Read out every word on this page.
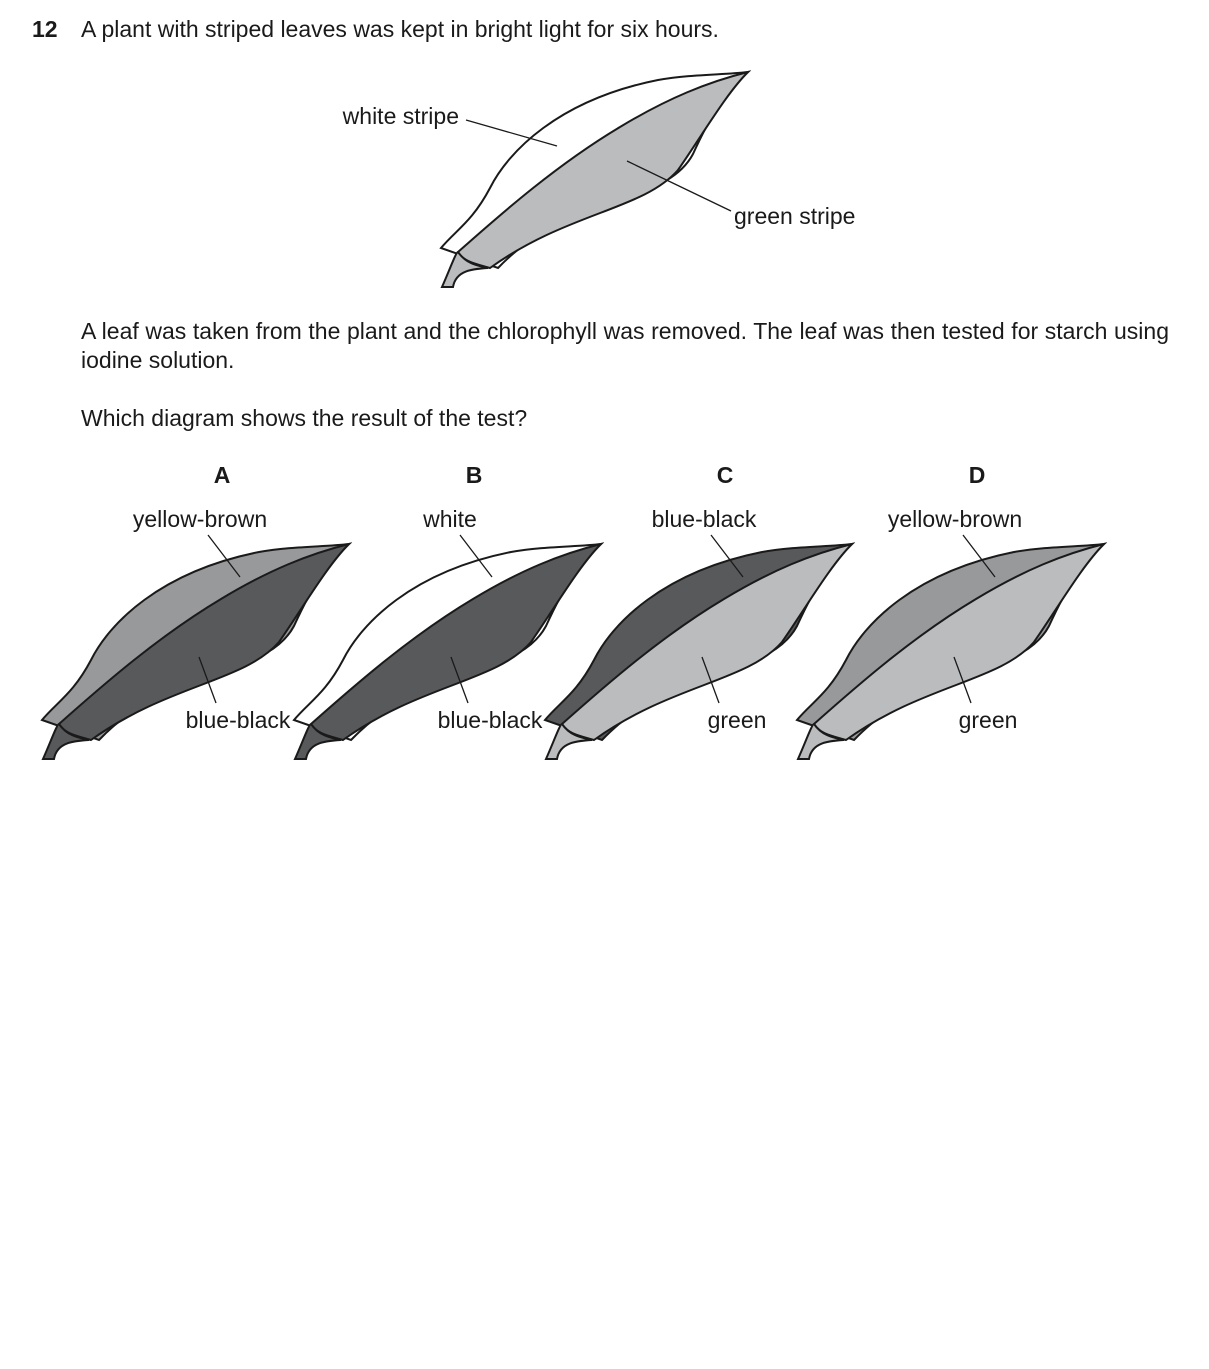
12 A plant with striped leaves was kept in bright light for six hours.
white stripe
green stripe
A
yellow-brown
blue-black
B
white
blue-black
C
blue-black
green
D
yellow-brown
green
A leaf was taken from the plant and the chlorophyll was removed. The leaf was then tested for starch using iodine solution.
Which diagram shows the result of the test?
